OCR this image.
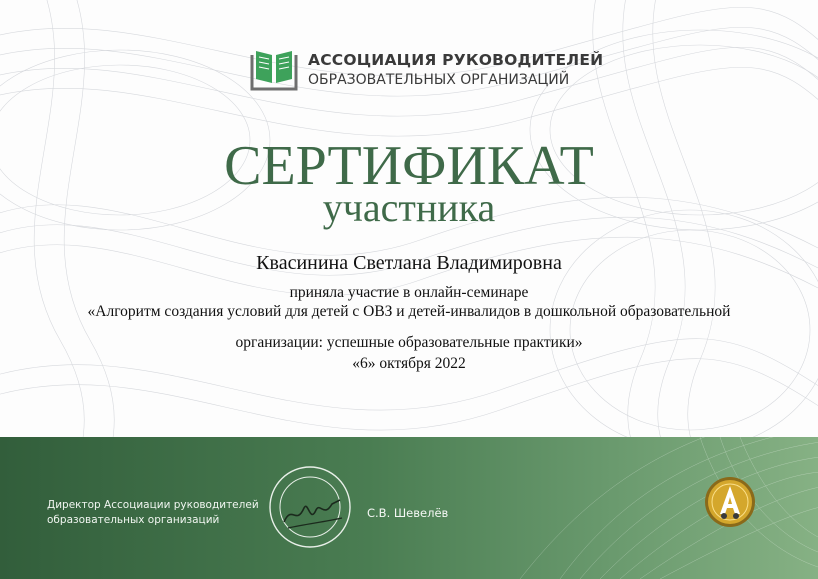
АССОЦИАЦИЯ РУКОВОДИТЕЛЕЙ
ОБРАЗОВАТЕЛЬНЫХ ОРГАНИЗАЦИЙ
СЕРТИФИКАТ
участника
Квасинина Светлана Владимировна
приняла участие в онлайн-семинаре
«Алгоритм создания условий для детей с ОВЗ и детей-инвалидов в дошкольной образовательной
организации: успешные образовательные практики»
«6» октября 2022
Директор Ассоциации руководителей
образовательных организаций
С.В. Шевелёв
